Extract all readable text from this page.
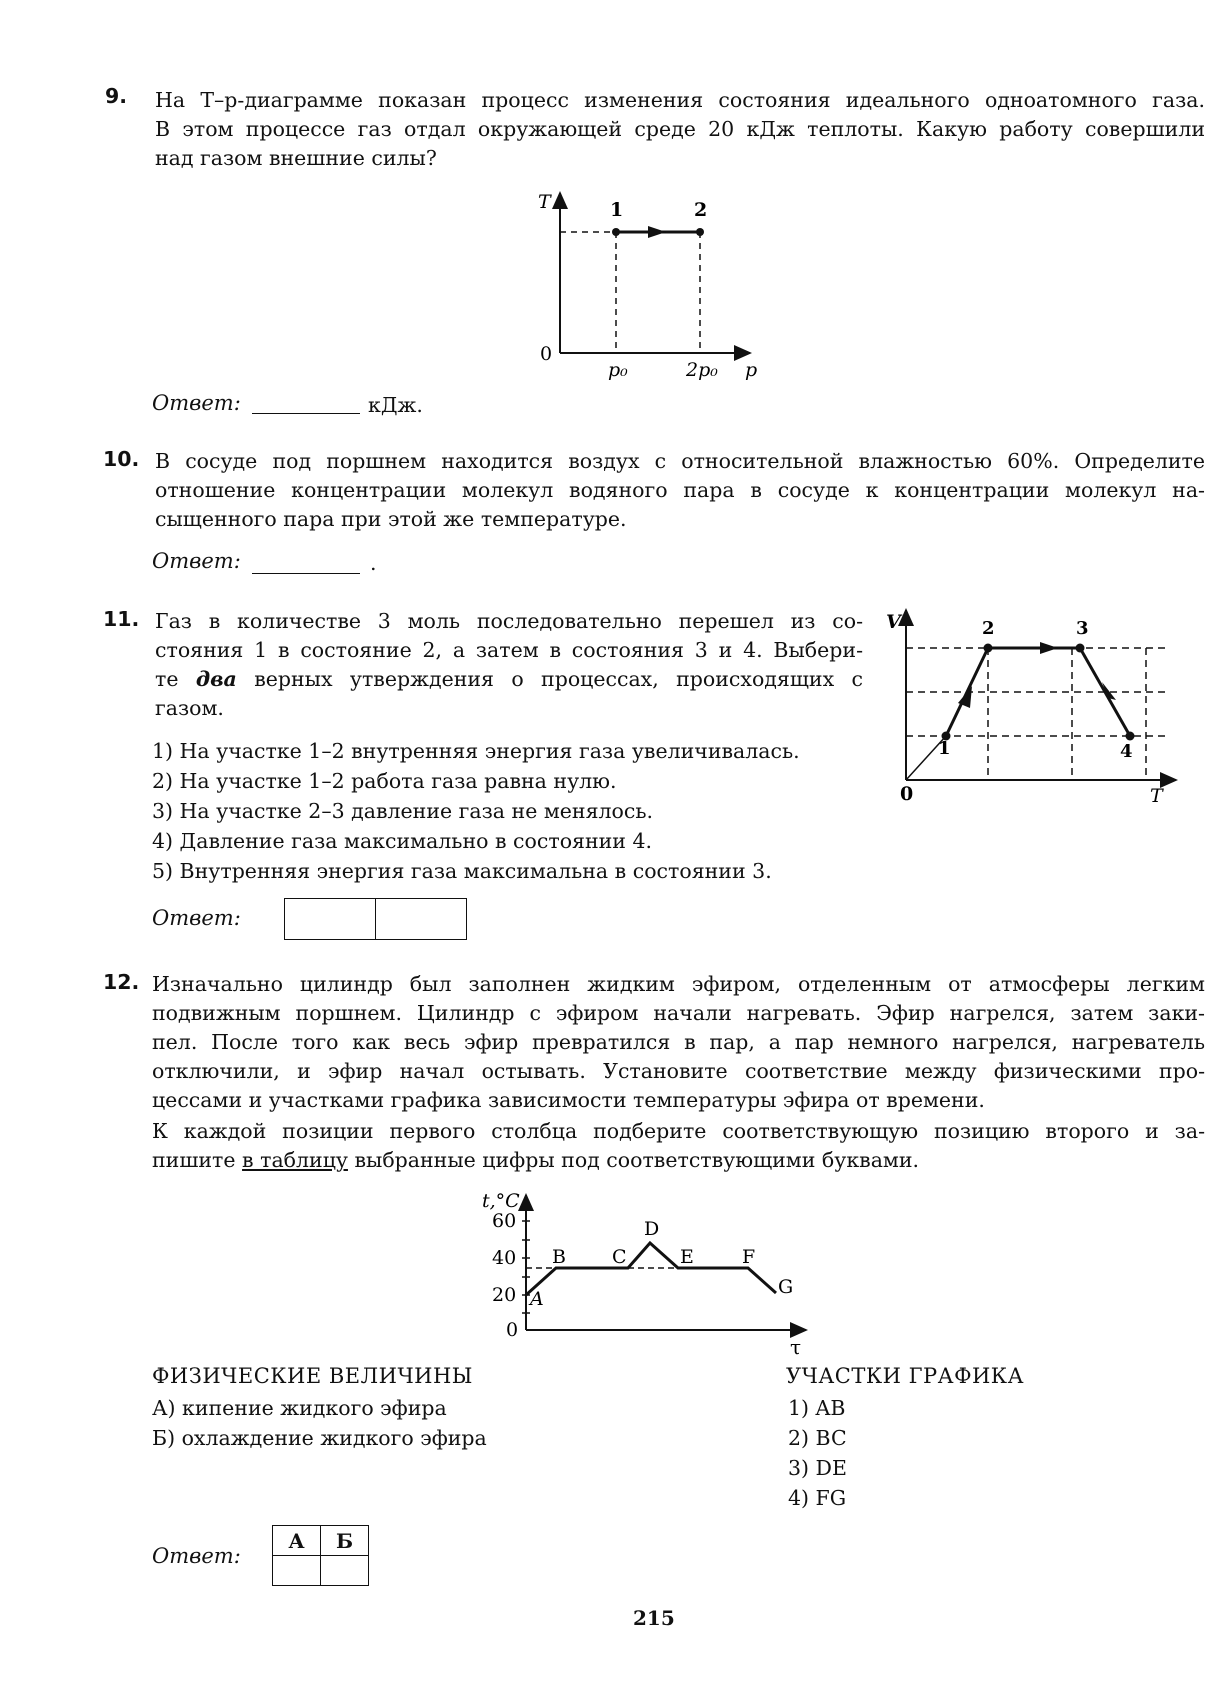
9. На T–p-диаграмме показан процесс изменения состояния идеального одноатомного газа.
В этом процессе газ отдал окружающей среде 20 кДж теплоты. Какую работу совершили
над газом внешние силы?
T
p
0
1	2
p₀	2p₀
Ответ:	кДж.
10. В сосуде под поршнем находится воздух с относительной влажностью 60%. Определите
отношение концентрации молекул водяного пара в сосуде к концентрации молекул на-
сыщенного пара при этой же температуре.
Ответ:	.
11. Газ в количестве 3 моль последовательно перешел из со-
стояния 1 в состояние 2, а затем в состояния 3 и 4. Выбери-
те два верных утверждения о процессах, происходящих с
газом.
1) На участке 1–2 внутренняя энергия газа увеличивалась.
2) На участке 1–2 работа газа равна нулю.
3) На участке 2–3 давление газа не менялось.
4) Давление газа максимально в состоянии 4.
5) Внутренняя энергия газа максимальна в состоянии 3.
V
T
0
1
2	3
4
Ответ:
12. Изначально цилиндр был заполнен жидким эфиром, отделенным от атмосферы легким
подвижным поршнем. Цилиндр с эфиром начали нагревать. Эфир нагрелся, затем заки-
пел. После того как весь эфир превратился в пар, а пар немного нагрелся, нагреватель
отключили, и эфир начал остывать. Установите соответствие между физическими про-
цессами и участками графика зависимости температуры эфира от времени.
К каждой позиции первого столбца подберите соответствующую позицию второго и за-
пишите в таблицу выбранные цифры под соответствующими буквами.
t,°C
τ
60
40
20
0
A
B C
D
E	F
G
ФИЗИЧЕСКИЕ ВЕЛИЧИНЫ
А) кипение жидкого эфира
Б) охлаждение жидкого эфира
УЧАСТКИ ГРАФИКА
1) AB
2) BC
3) DE
4) FG
Ответ:
А	Б

215
